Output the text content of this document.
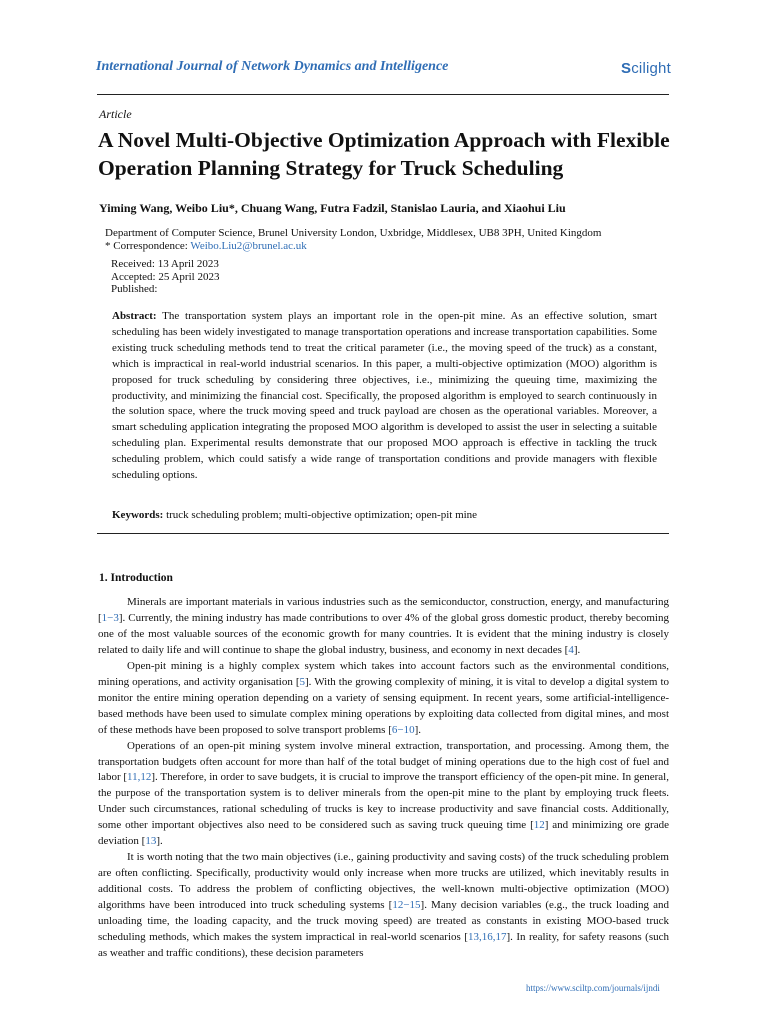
International Journal of Network Dynamics and Intelligence	Scilight
Article
A Novel Multi-Objective Optimization Approach with Flexible Operation Planning Strategy for Truck Scheduling
Yiming Wang, Weibo Liu*, Chuang Wang, Futra Fadzil, Stanislao Lauria, and Xiaohui Liu
Department of Computer Science, Brunel University London, Uxbridge, Middlesex, UB8 3PH, United Kingdom
* Correspondence: Weibo.Liu2@brunel.ac.uk
Received: 13 April 2023
Accepted: 25 April 2023
Published:
Abstract: The transportation system plays an important role in the open-pit mine. As an effective solution, smart scheduling has been widely investigated to manage transportation operations and increase transportation capabilities. Some existing truck scheduling methods tend to treat the critical parameter (i.e., the moving speed of the truck) as a constant, which is impractical in real-world industrial scenarios. In this paper, a multi-objective optimization (MOO) algorithm is proposed for truck scheduling by considering three objectives, i.e., minimizing the queuing time, maximizing the productivity, and minimizing the financial cost. Specifically, the proposed algorithm is employed to search continuously in the solution space, where the truck moving speed and truck payload are chosen as the operational variables. Moreover, a smart scheduling application integrating the proposed MOO algorithm is developed to assist the user in selecting a suitable scheduling plan. Experimental results demonstrate that our proposed MOO approach is effective in tackling the truck scheduling problem, which could satisfy a wide range of transportation conditions and provide managers with flexible scheduling options.
Keywords: truck scheduling problem; multi-objective optimization; open-pit mine
1. Introduction

Minerals are important materials in various industries such as the semiconductor, construction, energy, and manufacturing [1−3]. Currently, the mining industry has made contributions to over 4% of the global gross domestic product, thereby becoming one of the most valuable sources of the economic growth for many countries. It is evident that the mining industry is closely related to daily life and will continue to shape the global industry, business, and economy in next decades [4].

Open-pit mining is a highly complex system which takes into account factors such as the environmental conditions, mining operations, and activity organisation [5]. With the growing complexity of mining, it is vital to develop a digital system to monitor the entire mining operation depending on a variety of sensing equipment. In recent years, some artificial-intelligence-based methods have been used to simulate complex mining operations by exploiting data collected from digital mines, and most of these methods have been proposed to solve transport problems [6−10].

Operations of an open-pit mining system involve mineral extraction, transportation, and processing. Among them, the transportation budgets often account for more than half of the total budget of mining operations due to the high cost of fuel and labor [11,12]. Therefore, in order to save budgets, it is crucial to improve the transport efficiency of the open-pit mine. In general, the purpose of the transportation system is to deliver minerals from the open-pit mine to the plant by employing truck fleets. Under such circumstances, rational scheduling of trucks is key to increase productivity and save financial costs. Additionally, some other important objectives also need to be considered such as saving truck queuing time [12] and minimizing ore grade deviation [13].

It is worth noting that the two main objectives (i.e., gaining productivity and saving costs) of the truck scheduling problem are often conflicting. Specifically, productivity would only increase when more trucks are utilized, which inevitably results in additional costs. To address the problem of conflicting objectives, the well-known multi-objective optimization (MOO) algorithms have been introduced into truck scheduling systems [12−15]. Many decision variables (e.g., the truck loading and unloading time, the loading capacity, and the truck moving speed) are treated as constants in existing MOO-based truck scheduling methods, which makes the system impractical in real-world scenarios [13,16,17]. In reality, for safety reasons (such as weather and traffic conditions), these decision parameters

https://www.sciltp.com/journals/ijndi
